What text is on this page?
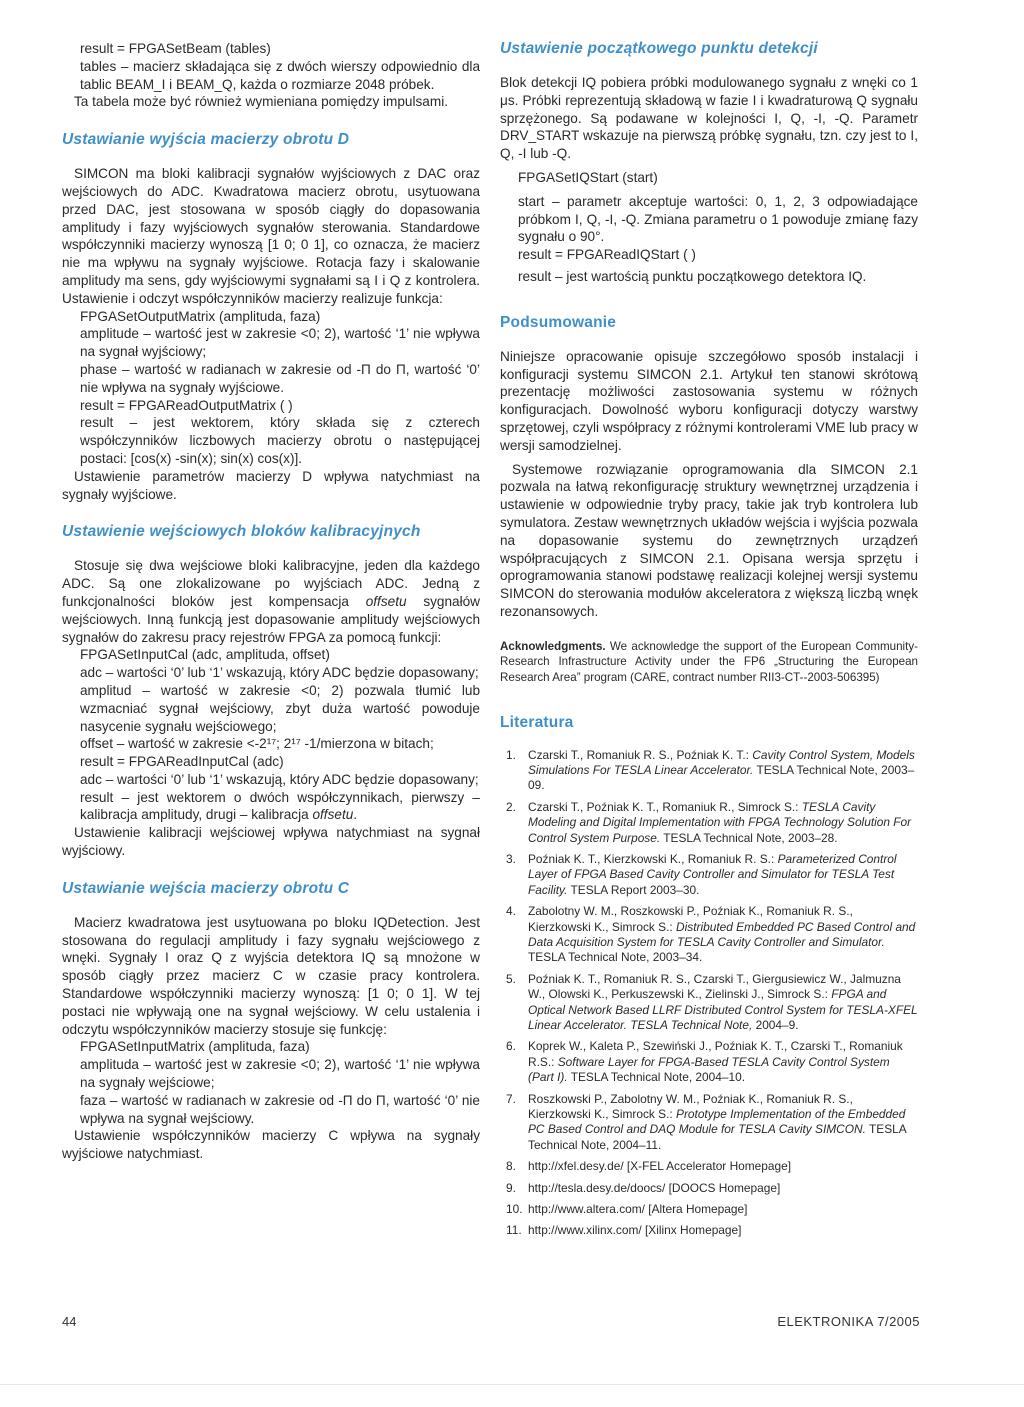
result = FPGASetBeam (tables)

tables – macierz składająca się z dwóch wierszy odpowiednio dla tablic BEAM_I i BEAM_Q, każda o rozmiarze 2048 próbek.

Ta tabela może być również wymieniana pomiędzy impulsami.

Ustawianie wyjścia macierzy obrotu D

SIMCON ma bloki kalibracji sygnałów wyjściowych z DAC oraz wejściowych do ADC. Kwadratowa macierz obrotu, usytuowana przed DAC, jest stosowana w sposób ciągły do dopasowania amplitudy i fazy wyjściowych sygnałów sterowania. Standardowe współczynniki macierzy wynoszą [1 0; 0 1], co oznacza, że macierz nie ma wpływu na sygnały wyjściowe. Rotacja fazy i skalowanie amplitudy ma sens, gdy wyjściowymi sygnałami są I i Q z kontrolera. Ustawienie i odczyt współczynników macierzy realizuje funkcja:

FPGASetOutputMatrix (amplituda, faza)

amplitude – wartość jest w zakresie <0; 2), wartość ‘1’ nie wpływa na sygnał wyjściowy;

phase – wartość w radianach w zakresie od -Π do Π, wartość ‘0’ nie wpływa na sygnały wyjściowe.

result = FPGAReadOutputMatrix ( )

result – jest wektorem, który składa się z czterech współczynników liczbowych macierzy obrotu o następującej postaci: [cos(x) -sin(x); sin(x) cos(x)].

Ustawienie parametrów macierzy D wpływa natychmiast na sygnały wyjściowe.

Ustawienie wejściowych bloków kalibracyjnych

Stosuje się dwa wejściowe bloki kalibracyjne, jeden dla każdego ADC. Są one zlokalizowane po wyjściach ADC. Jedną z funkcjonalności bloków jest kompensacja offsetu sygnałów wejściowych. Inną funkcją jest dopasowanie amplitudy wejściowych sygnałów do zakresu pracy rejestrów FPGA za pomocą funkcji:

FPGASetInputCal (adc, amplituda, offset)

adc – wartości ‘0’ lub ‘1’ wskazują, który ADC będzie dopasowany;

amplitud – wartość w zakresie <0; 2) pozwala tłumić lub wzmacniać sygnał wejściowy, zbyt duża wartość powoduje nasycenie sygnału wejściowego;

offset – wartość w zakresie <-2¹⁷; 2¹⁷ -1/mierzona w bitach;

result = FPGAReadInputCal (adc)

adc – wartości ‘0’ lub ‘1’ wskazują, który ADC będzie dopasowany;

result – jest wektorem o dwóch współczynnikach, pierwszy – kalibracja amplitudy, drugi – kalibracja offsetu.

Ustawienie kalibracji wejściowej wpływa natychmiast na sygnał wyjściowy.

Ustawianie wejścia macierzy obrotu C

Macierz kwadratowa jest usytuowana po bloku IQDetection. Jest stosowana do regulacji amplitudy i fazy sygnału wejściowego z wnęki. Sygnały I oraz Q z wyjścia detektora IQ są mnożone w sposób ciągły przez macierz C w czasie pracy kontrolera. Standardowe współczynniki macierzy wynoszą: [1 0; 0 1]. W tej postaci nie wpływają one na sygnał wejściowy. W celu ustalenia i odczytu współczynników macierzy stosuje się funkcję:

FPGASetInputMatrix (amplituda, faza)

amplituda – wartość jest w zakresie <0; 2), wartość ‘1’ nie wpływa na sygnały wejściowe;

faza – wartość w radianach w zakresie od -Π do Π, wartość ‘0’ nie wpływa na sygnał wejściowy.

Ustawienie współczynników macierzy C wpływa na sygnały wyjściowe natychmiast.

Ustawienie początkowego punktu detekcji

Blok detekcji IQ pobiera próbki modulowanego sygnału z wnęki co 1 μs. Próbki reprezentują składową w fazie I i kwadraturową Q sygnału sprzężonego. Są podawane w kolejności I, Q, -I, -Q. Parametr DRV_START wskazuje na pierwszą próbkę sygnału, tzn. czy jest to I, Q, -I lub -Q.

FPGASetIQStart (start)

start – parametr akceptuje wartości: 0, 1, 2, 3 odpowiadające próbkom I, Q, -I, -Q. Zmiana parametru o 1 powoduje zmianę fazy sygnału o 90°.

result = FPGAReadIQStart ( )

result – jest wartością punktu początkowego detektora IQ.

Podsumowanie

Niniejsze opracowanie opisuje szczegółowo sposób instalacji i konfiguracji systemu SIMCON 2.1. Artykuł ten stanowi skrótową prezentację możliwości zastosowania systemu w różnych konfiguracjach. Dowolność wyboru konfiguracji dotyczy warstwy sprzętowej, czyli współpracy z różnymi kontrolerami VME lub pracy w wersji samodzielnej.

Systemowe rozwiązanie oprogramowania dla SIMCON 2.1 pozwala na łatwą rekonfigurację struktury wewnętrznej urządzenia i ustawienie w odpowiednie tryby pracy, takie jak tryb kontrolera lub symulatora. Zestaw wewnętrznych układów wejścia i wyjścia pozwala na dopasowanie systemu do zewnętrznych urządzeń współpracujących z SIMCON 2.1. Opisana wersja sprzętu i oprogramowania stanowi podstawę realizacji kolejnej wersji systemu SIMCON do sterowania modułów akceleratora z większą liczbą wnęk rezonansowych.

Acknowledgments. We acknowledge the support of the European Community-Research Infrastructure Activity under the FP6 „Structuring the European Research Area” program (CARE, contract number RII3-CT--2003-506395)

Literatura
1. Czarski T., Romaniuk R. S., Poźniak K. T.: Cavity Control System, Models Simulations For TESLA Linear Accelerator. TESLA Technical Note, 2003–09.
2. Czarski T., Poźniak K. T., Romaniuk R., Simrock S.: TESLA Cavity Modeling and Digital Implementation with FPGA Technology Solution For Control System Purpose. TESLA Technical Note, 2003–28.
3. Poźniak K. T., Kierzkowski K., Romaniuk R. S.: Parameterized Control Layer of FPGA Based Cavity Controller and Simulator for TESLA Test Facility. TESLA Report 2003–30.
4. Zabolotny W. M., Roszkowski P., Poźniak K., Romaniuk R. S., Kierzkowski K., Simrock S.: Distributed Embedded PC Based Control and Data Acquisition System for TESLA Cavity Controller and Simulator. TESLA Technical Note, 2003–34.
5. Poźniak K. T., Romaniuk R. S., Czarski T., Giergusiewicz W., Jalmuzna W., Olowski K., Perkuszewski K., Zielinski J., Simrock S.: FPGA and Optical Network Based LLRF Distributed Control System for TESLA-XFEL Linear Accelerator. TESLA Technical Note, 2004–9.
6. Koprek W., Kaleta P., Szewiński J., Poźniak K. T., Czarski T., Romaniuk R.S.: Software Layer for FPGA-Based TESLA Cavity Control System (Part I). TESLA Technical Note, 2004–10.
7. Roszkowski P., Zabolotny W. M., Poźniak K., Romaniuk R. S., Kierzkowski K., Simrock S.: Prototype Implementation of the Embedded PC Based Control and DAQ Module for TESLA Cavity SIMCON. TESLA Technical Note, 2004–11.
8. http://xfel.desy.de/ [X-FEL Accelerator Homepage]
9. http://tesla.desy.de/doocs/ [DOOCS Homepage]
10. http://www.altera.com/ [Altera Homepage]
11. http://www.xilinx.com/ [Xilinx Homepage]
44	ELEKTRONIKA 7/2005
